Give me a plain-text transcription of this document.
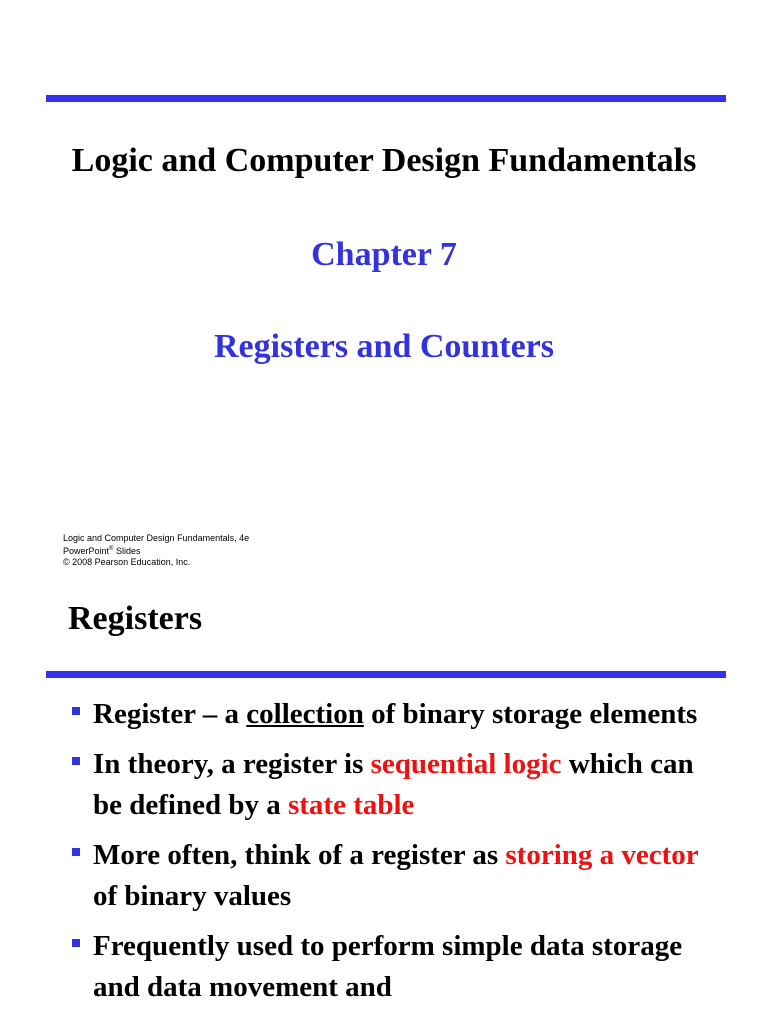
Logic and Computer Design Fundamentals
Chapter 7
Registers and Counters
Logic and Computer Design Fundamentals, 4e
PowerPoint® Slides
© 2008 Pearson Education, Inc.
Registers
Register – a collection of binary storage elements
In theory, a register is sequential logic which can be defined by a state table
More often, think of a register as storing a vector of binary values
Frequently used to perform simple data storage and data movement and
